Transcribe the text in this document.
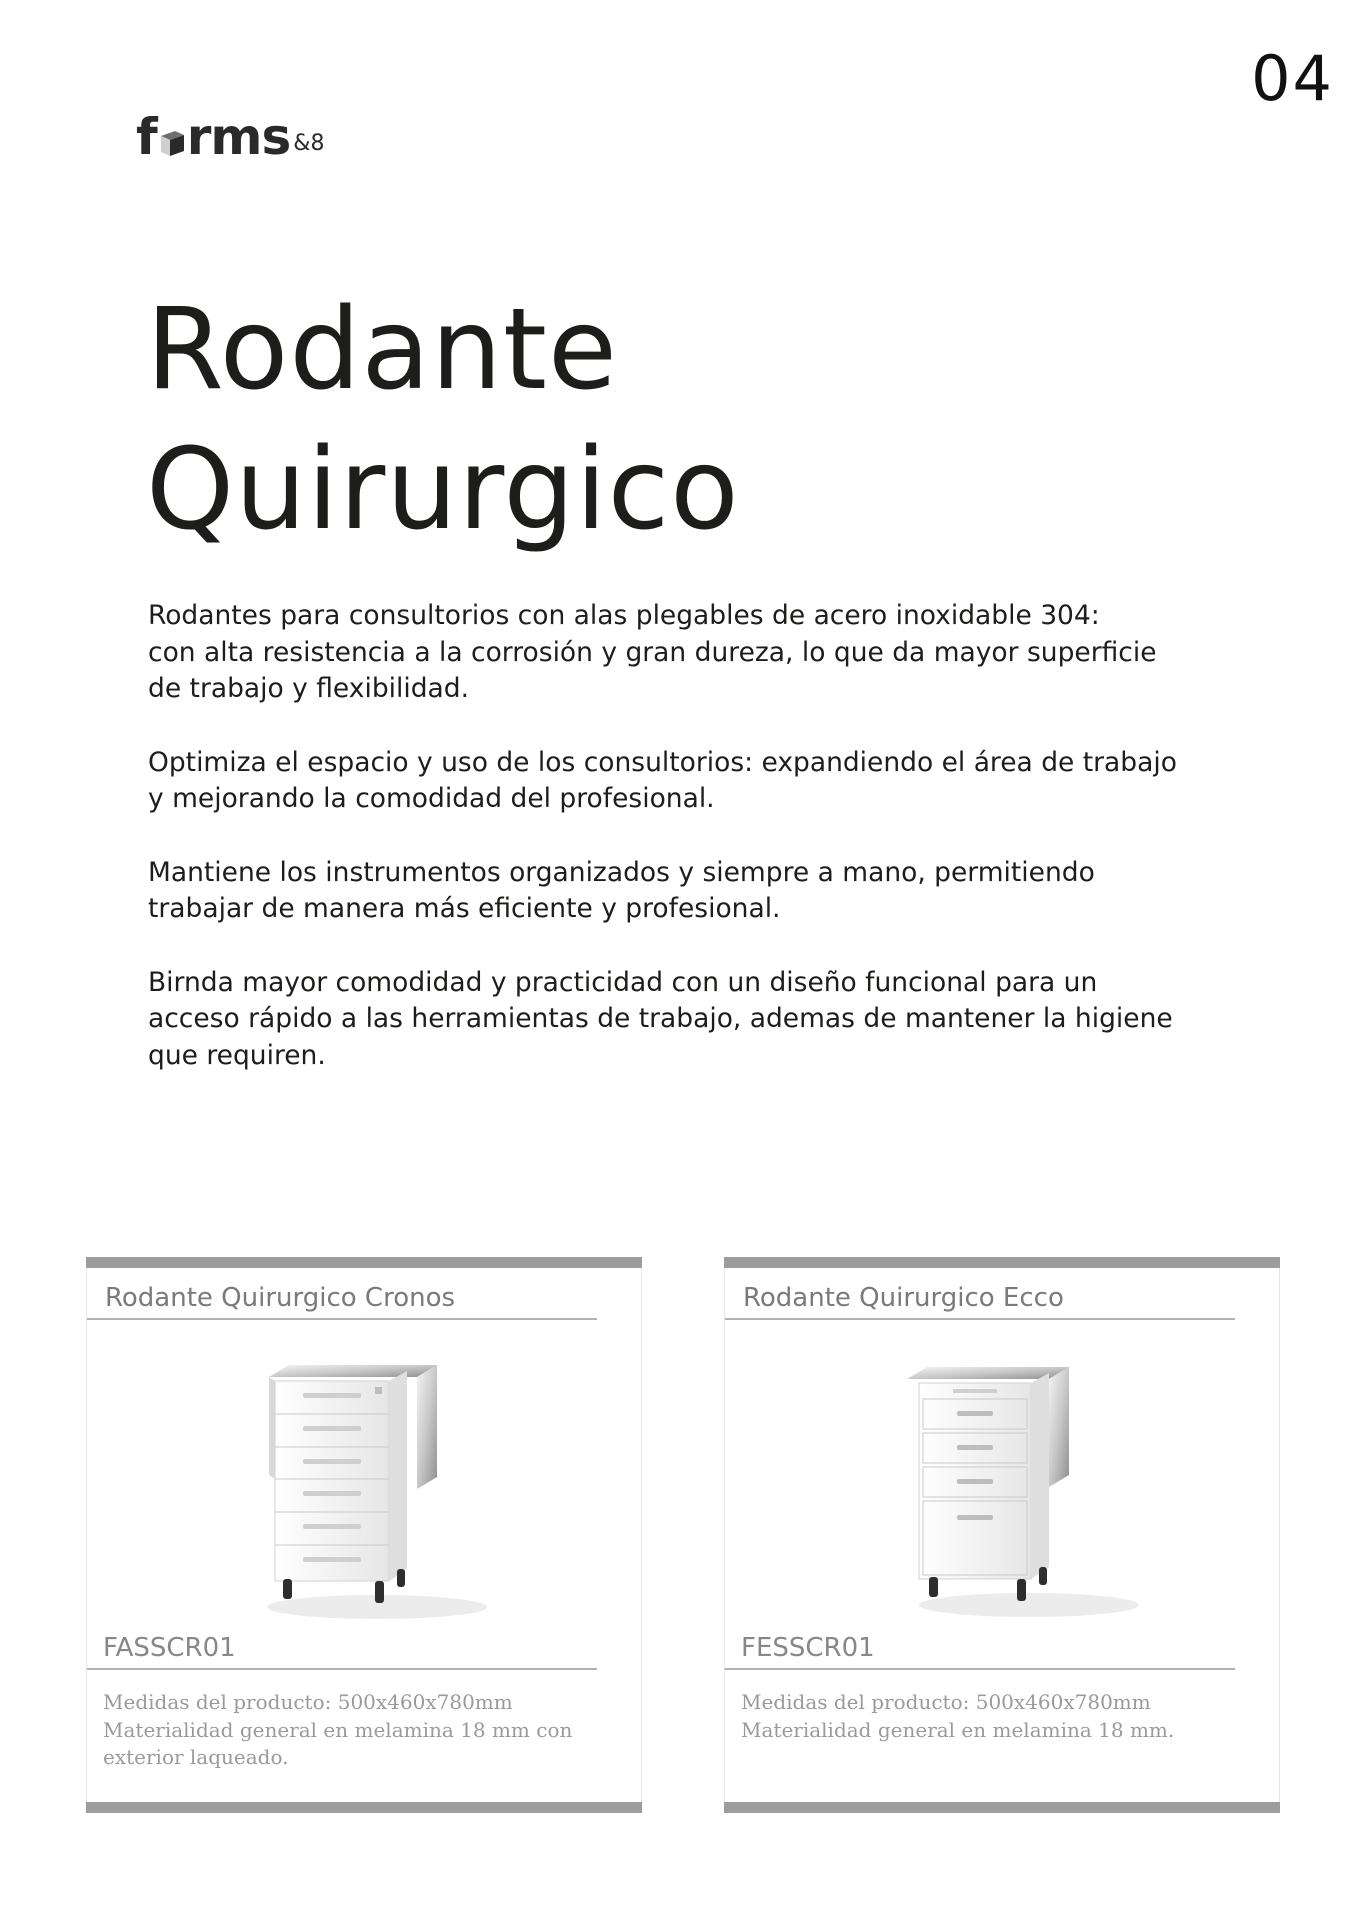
04
f rms &8
Rodante
Quirurgico

Rodantes para consultorios con alas plegables de acero inoxidable 304:
con alta resistencia a la corrosión y gran dureza, lo que da mayor superficie
de trabajo y flexibilidad.

Optimiza el espacio y uso de los consultorios: expandiendo el área de trabajo
y mejorando la comodidad del profesional.

Mantiene los instrumentos organizados y siempre a mano, permitiendo
trabajar de manera más eficiente y profesional.

Birnda mayor comodidad y practicidad con un diseño funcional para un
acceso rápido a las herramientas de trabajo, ademas de mantener la higiene
que requiren.

Rodante Quirurgico Cronos
FASSCR01

Medidas del producto: 500x460x780mm

Materialidad general en melamina 18 mm con

exterior laqueado.

Rodante Quirurgico Ecco
FESSCR01

Medidas del producto: 500x460x780mm

Materialidad general en melamina 18 mm.
